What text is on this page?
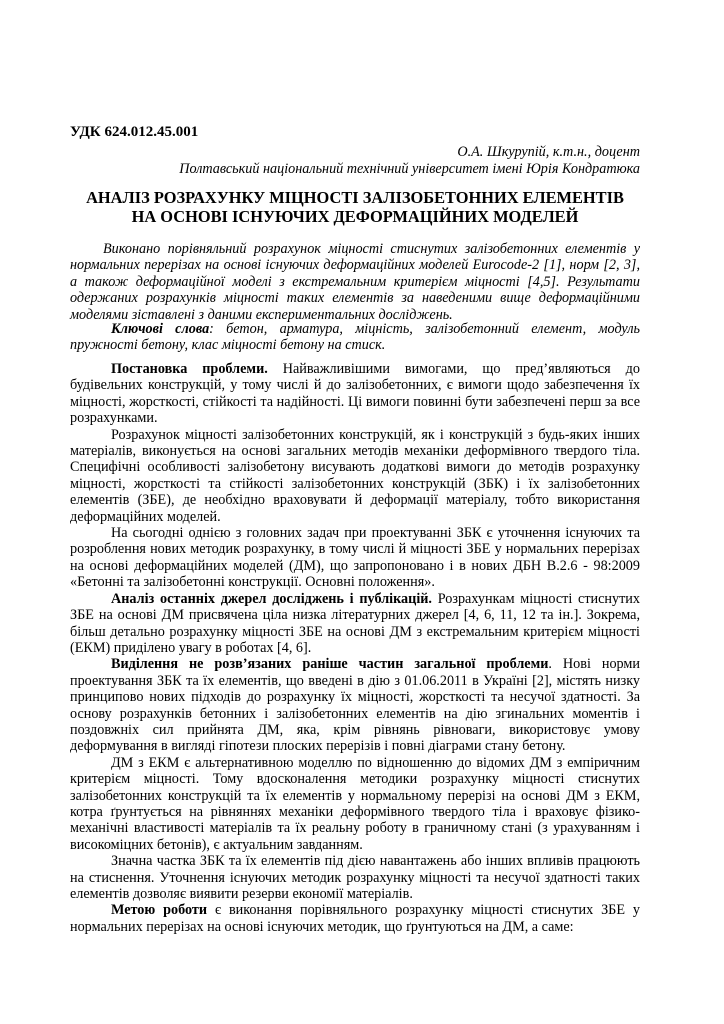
УДК 624.012.45.001
О.А. Шкурупій, к.т.н., доцент
Полтавський національний технічний університет імені Юрія Кондратюка
АНАЛІЗ РОЗРАХУНКУ МІЦНОСТІ ЗАЛІЗОБЕТОННИХ ЕЛЕМЕНТІВ
НА ОСНОВІ ІСНУЮЧИХ ДЕФОРМАЦІЙНИХ МОДЕЛЕЙ

Виконано порівняльний розрахунок міцності стиснутих залізобетонних елементів у нормальних перерізах на основі існуючих деформаційних моделей Eurocode-2 [1], норм [2, 3], а також деформаційної моделі з екстремальним критерієм міцності [4,5]. Результати одержаних розрахунків міцності таких елементів за наведеними вище деформаційними моделями зіставлені з даними експериментальних досліджень.

Ключові слова: бетон, арматура, міцність, залізобетонний елемент, модуль пружності бетону, клас міцності бетону на стиск.

Постановка проблеми. Найважливішими вимогами, що пред’являються до будівельних конструкцій, у тому числі й до залізобетонних, є вимоги щодо забезпечення їх міцності, жорсткості, стійкості та надійності. Ці вимоги повинні бути забезпечені перш за все розрахунками.

Розрахунок міцності залізобетонних конструкцій, як і конструкцій з будь-яких інших матеріалів, виконується на основі загальних методів механіки деформівного твердого тіла. Специфічні особливості залізобетону висувають додаткові вимоги до методів розрахунку міцності, жорсткості та стійкості залізобетонних конструкцій (ЗБК) і їх залізобетонних елементів (ЗБЕ), де необхідно враховувати й деформації матеріалу, тобто використання деформаційних моделей.

На сьогодні однією з головних задач при проектуванні ЗБК є уточнення існуючих та розроблення нових методик розрахунку, в тому числі й міцності ЗБЕ у нормальних перерізах на основі деформаційних моделей (ДМ), що запропоновано і в нових ДБН В.2.6 - 98:2009 «Бетонні та залізобетонні конструкції. Основні положення».

Аналіз останніх джерел досліджень і публікацій. Розрахункам міцності стиснутих ЗБЕ на основі ДМ присвячена ціла низка літературних джерел [4, 6, 11, 12 та ін.]. Зокрема, більш детально розрахунку міцності ЗБЕ на основі ДМ з екстремальним критерієм міцності (ЕКМ) приділено увагу в роботах [4, 6].

Виділення не розв’язаних раніше частин загальної проблеми. Нові норми проектування ЗБК та їх елементів, що введені в дію з 01.06.2011 в Україні [2], містять низку принципово нових підходів до розрахунку їх міцності, жорсткості та несучої здатності. За основу розрахунків бетонних і залізобетонних елементів на дію згинальних моментів і поздовжніх сил прийнята ДМ, яка, крім рівнянь рівноваги, використовує умову деформування в вигляді гіпотези плоских перерізів і повні діаграми стану бетону.

ДМ з ЕКМ є альтернативною моделлю по відношенню до відомих ДМ з емпіричним критерієм міцності. Тому вдосконалення методики розрахунку міцності стиснутих залізобетонних конструкцій та їх елементів у нормальному перерізі на основі ДМ з ЕКМ, котра ґрунтується на рівняннях механіки деформівного твердого тіла і враховує фізико-механічні властивості матеріалів та їх реальну роботу в граничному стані (з урахуванням і високоміцних бетонів), є актуальним завданням.

Значна частка ЗБК та їх елементів під дією навантажень або інших впливів працюють на стиснення. Уточнення існуючих методик розрахунку міцності та несучої здатності таких елементів дозволяє виявити резерви економії матеріалів.

Метою роботи є виконання порівняльного розрахунку міцності стиснутих ЗБЕ у нормальних перерізах на основі існуючих методик, що ґрунтуються на ДМ, а саме:
